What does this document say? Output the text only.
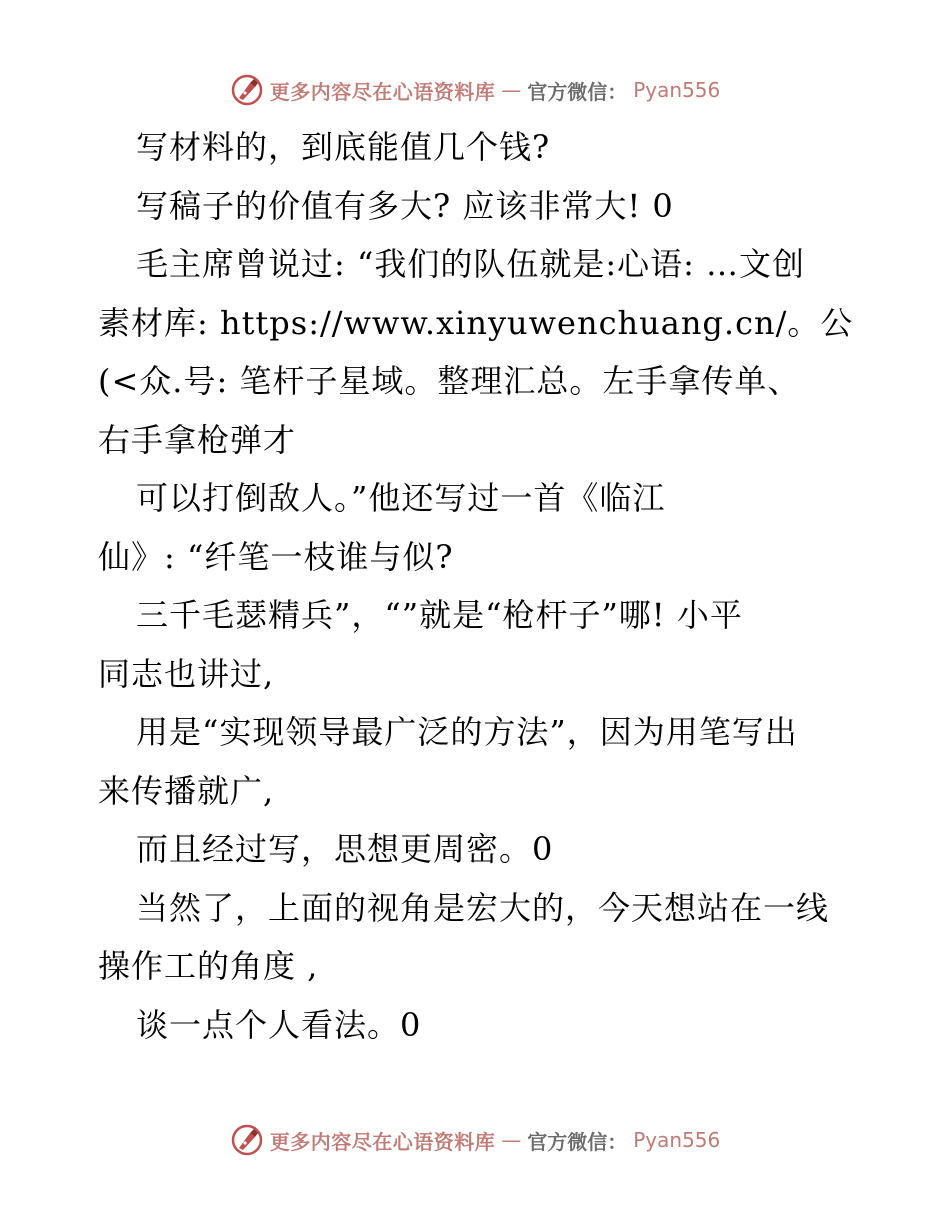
更多内容尽在心语资料库 — 官方微信： Pyan556
写材料的，到底能值几个钱?
写稿子的价值有多大? 应该非常大! 0
毛主席曾说过: “我们的队伍就是:心语: …文创
素材库: https://www.xinyuwenchuang.cn/。公
(<众.号: 笔杆子星域。整理汇总。左手拿传单、
右手拿枪弹才
可以打倒敌人。”他还写过一首《临江
仙》: “纤笔一枝谁与似?
三千毛瑟精兵”，“”就是“枪杆子”哪! 小平
同志也讲过,
用是“实现领导最广泛的方法”，因为用笔写出
来传播就广,
而且经过写，思想更周密。0
当然了，上面的视角是宏大的，今天想站在一线
操作工的角度 ,
谈一点个人看法。0
更多内容尽在心语资料库 — 官方微信： Pyan556
